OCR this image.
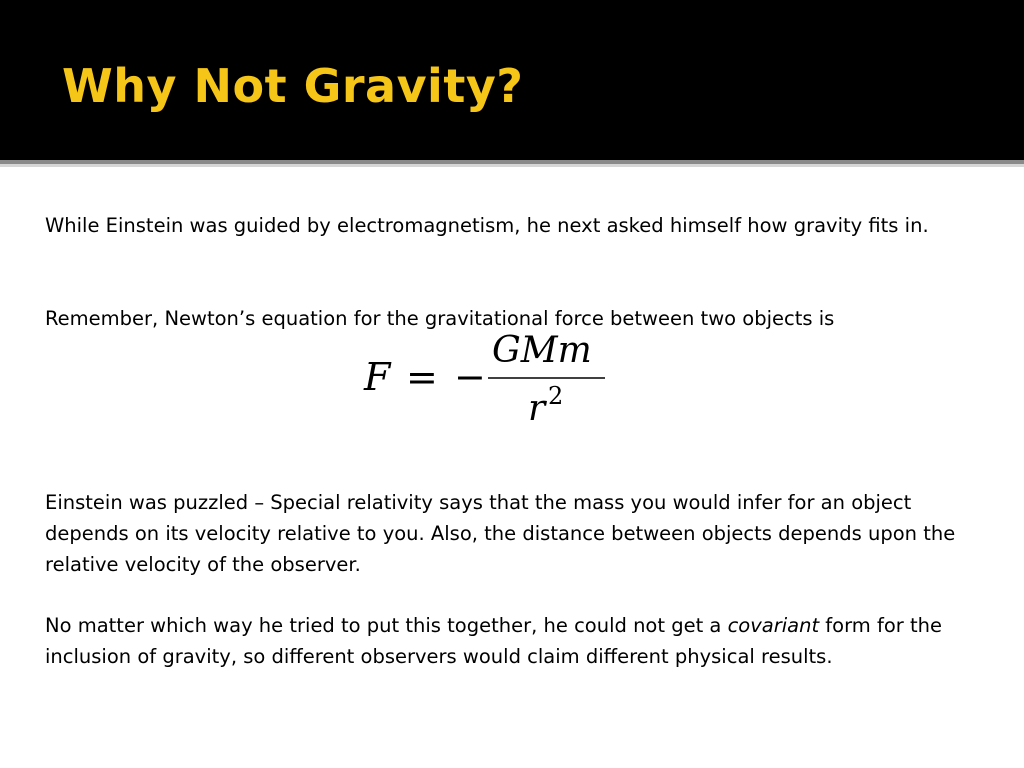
Why Not Gravity?

While Einstein was guided by electromagnetism, he next asked himself how gravity fits in.

Remember, Newton’s equation for the gravitational force between two objects is

F = −
GMm
r 2

Einstein was puzzled – Special relativity says that the mass you would infer for an object depends on its velocity relative to you. Also, the distance between objects depends upon the relative velocity of the observer.

No matter which way he tried to put this together, he could not get a covariant form for the inclusion of gravity, so different observers would claim different physical results.
